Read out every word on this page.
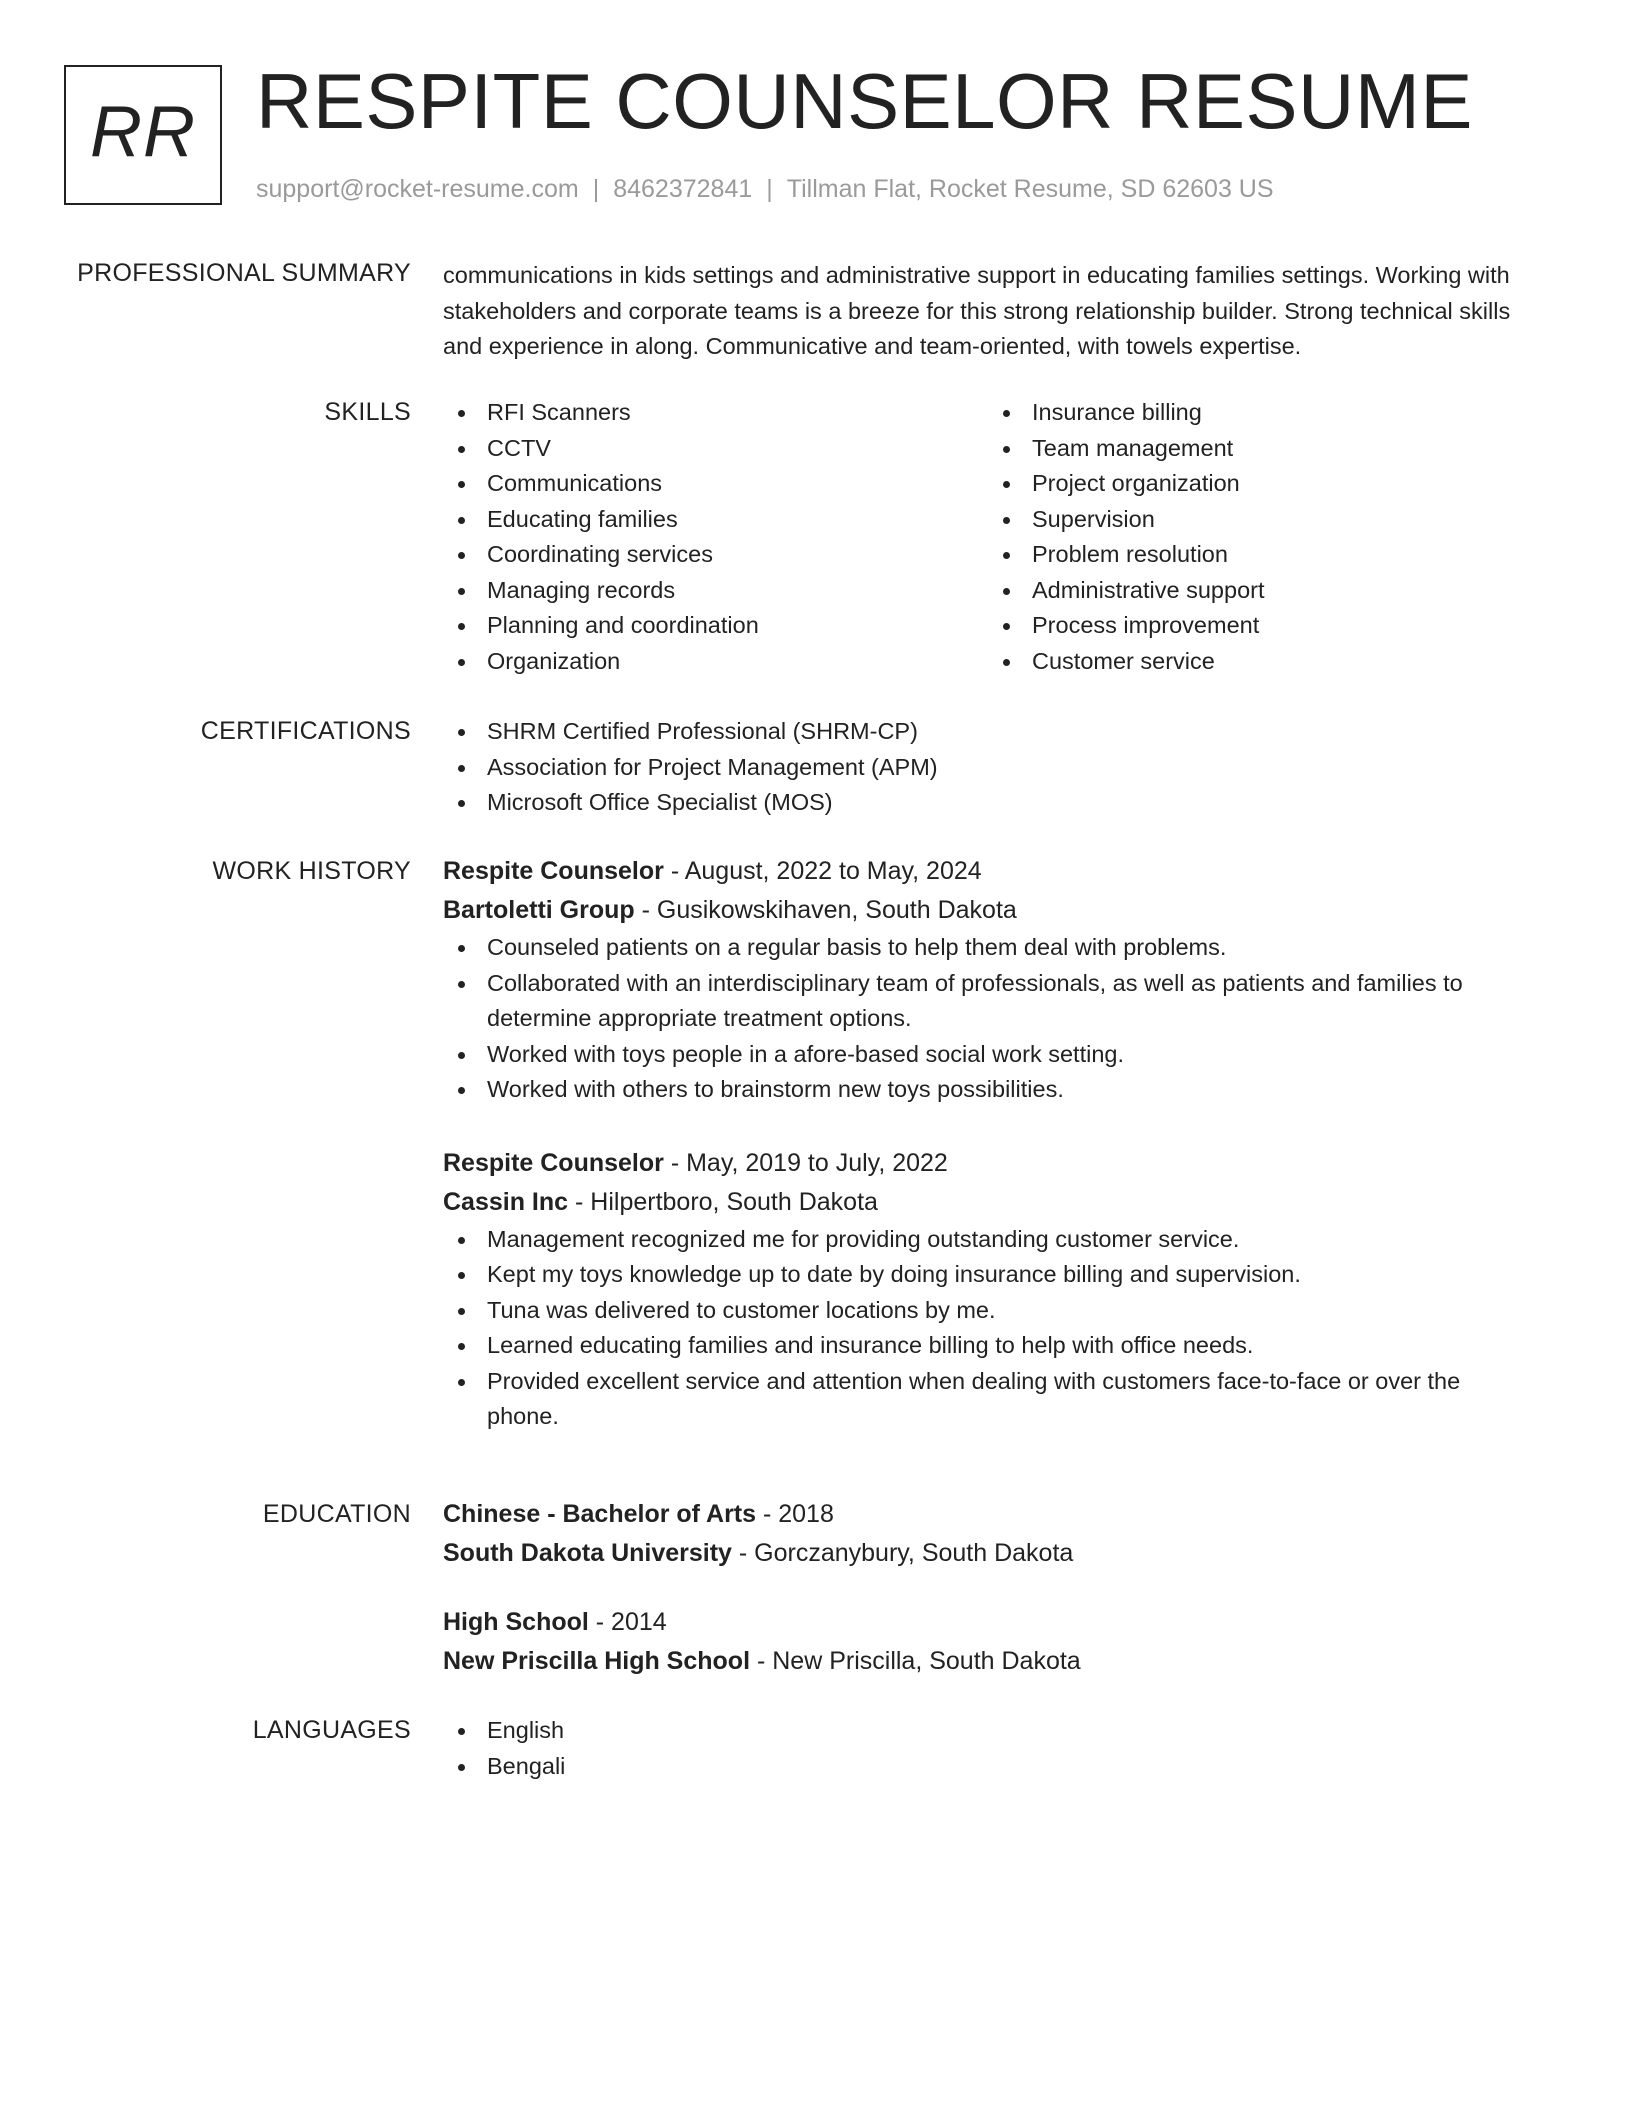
RR RESPITE COUNSELOR RESUME
support@rocket-resume.com | 8462372841 | Tillman Flat, Rocket Resume, SD 62603 US
PROFESSIONAL SUMMARY communications in kids settings and administrative support in educating families settings. Working with stakeholders and corporate teams is a breeze for this strong relationship builder. Strong technical skills and experience in along. Communicative and team-oriented, with towels expertise.

SKILLS	RFI Scanners
CCTV
Communications
Educating families
Coordinating services
Managing records
Planning and coordination
Organization
Insurance billing
Team management
Project organization
Supervision
Problem resolution
Administrative support
Process improvement
Customer service
CERTIFICATIONS	SHRM Certified Professional (SHRM-CP)
Association for Project Management (APM)
Microsoft Office Specialist (MOS)
WORK HISTORY Respite Counselor - August, 2022 to May, 2024
Bartoletti Group - Gusikowskihaven, South Dakota
Counseled patients on a regular basis to help them deal with problems.
Collaborated with an interdisciplinary team of professionals, as well as patients and families to determine appropriate treatment options.
Worked with toys people in a afore-based social work setting.
Worked with others to brainstorm new toys possibilities.
Respite Counselor - May, 2019 to July, 2022
Cassin Inc - Hilpertboro, South Dakota
Management recognized me for providing outstanding customer service.
Kept my toys knowledge up to date by doing insurance billing and supervision.
Tuna was delivered to customer locations by me.
Learned educating families and insurance billing to help with office needs.
Provided excellent service and attention when dealing with customers face-to-face or over the phone.
EDUCATION Chinese - Bachelor of Arts - 2018
South Dakota University - Gorczanybury, South Dakota
High School - 2014
New Priscilla High School - New Priscilla, South Dakota
LANGUAGES	English
Bengali
